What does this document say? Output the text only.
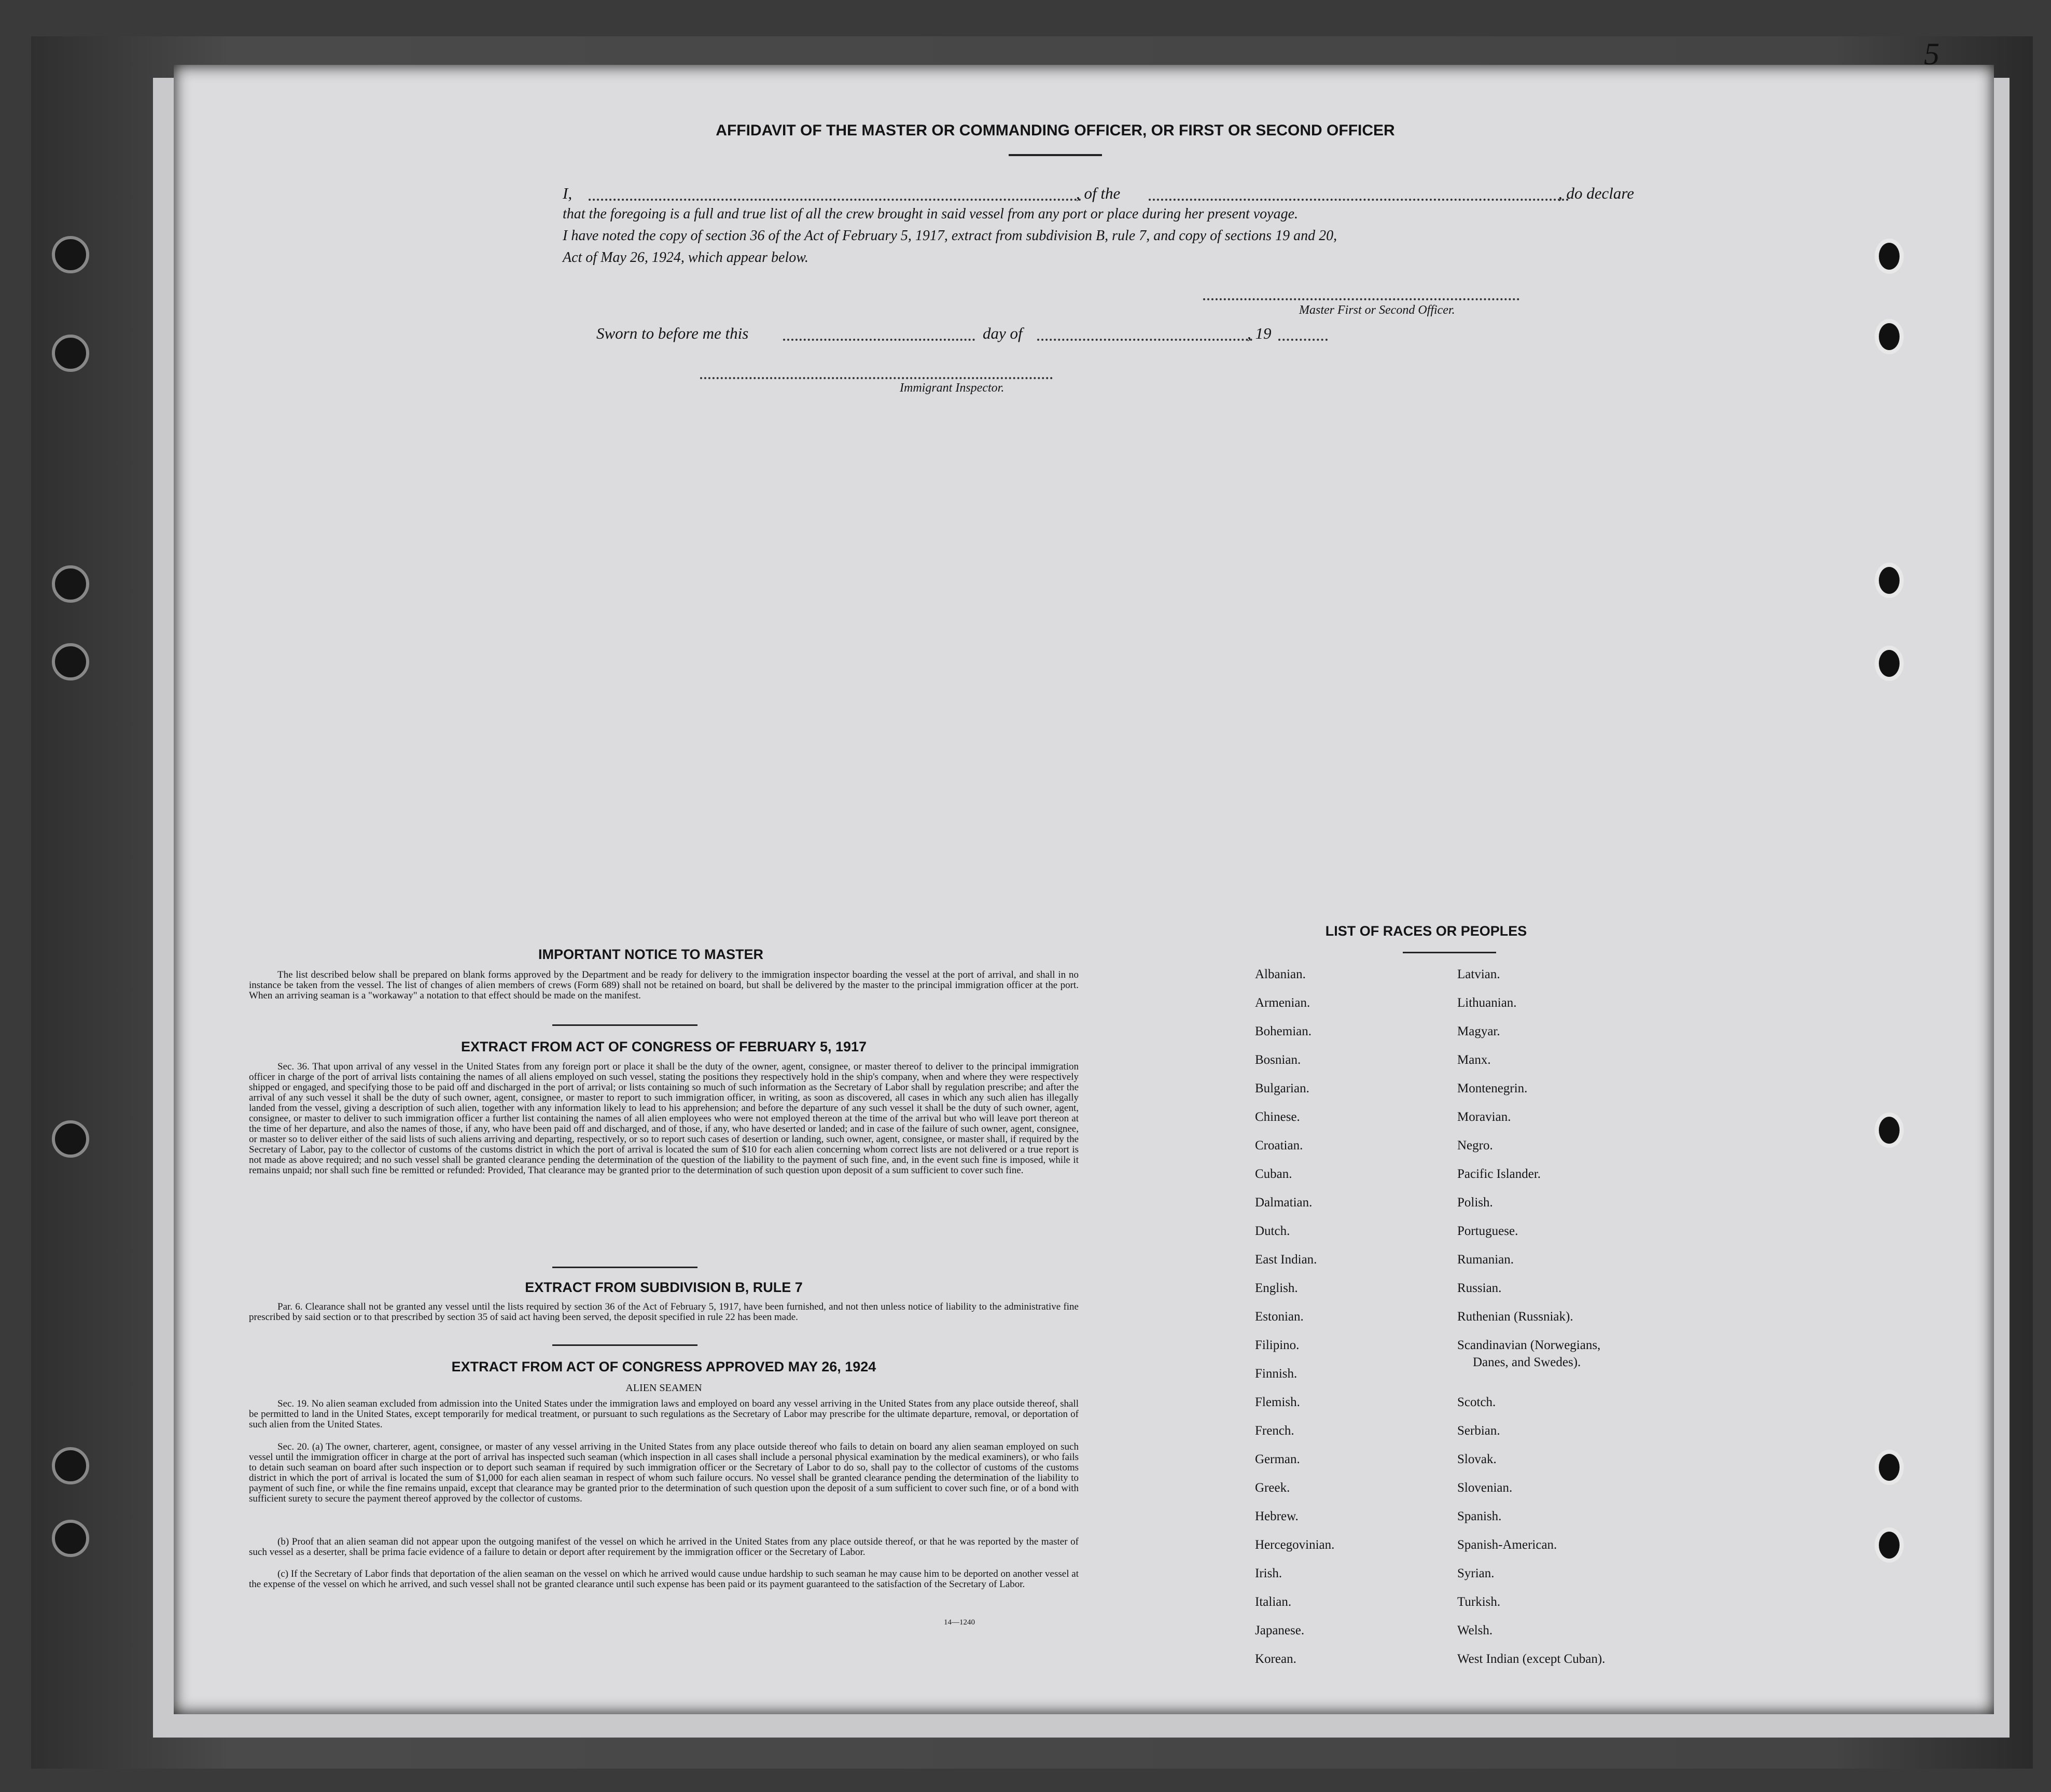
5
AFFIDAVIT OF THE MASTER OR COMMANDING OFFICER, OR FIRST OR SECOND OFFICER
I,	, of the	, do declare
that the foregoing is a full and true list of all the crew brought in said vessel from any port or place during her present voyage.
I have noted the copy of section 36 of the Act of February 5, 1917, extract from subdivision B, rule 7, and copy of sections 19 and 20,
Act of May 26, 1924, which appear below.
Master First or Second Officer.
Sworn to before me this	day of	, 19
Immigrant Inspector.
IMPORTANT NOTICE TO MASTER
The list described below shall be prepared on blank forms approved by the Department and be ready for delivery to the immigration inspector boarding the vessel at the port of arrival, and shall in no instance be taken from the vessel. The list of changes of alien members of crews (Form 689) shall not be retained on board, but shall be delivered by the master to the principal immigration officer at the port. When an arriving seaman is a "workaway" a notation to that effect should be made on the manifest.
EXTRACT FROM ACT OF CONGRESS OF FEBRUARY 5, 1917
Sec. 36. That upon arrival of any vessel in the United States from any foreign port or place it shall be the duty of the owner, agent, consignee, or master thereof to deliver to the principal immigration officer in charge of the port of arrival lists containing the names of all aliens employed on such vessel, stating the positions they respectively hold in the ship's company, when and where they were respectively shipped or engaged, and specifying those to be paid off and discharged in the port of arrival; or lists containing so much of such information as the Secretary of Labor shall by regulation prescribe; and after the arrival of any such vessel it shall be the duty of such owner, agent, consignee, or master to report to such immigration officer, in writing, as soon as discovered, all cases in which any such alien has illegally landed from the vessel, giving a description of such alien, together with any information likely to lead to his apprehension; and before the departure of any such vessel it shall be the duty of such owner, agent, consignee, or master to deliver to such immigration officer a further list containing the names of all alien employees who were not employed thereon at the time of the arrival but who will leave port thereon at the time of her departure, and also the names of those, if any, who have been paid off and discharged, and of those, if any, who have deserted or landed; and in case of the failure of such owner, agent, consignee, or master so to deliver either of the said lists of such aliens arriving and departing, respectively, or so to report such cases of desertion or landing, such owner, agent, consignee, or master shall, if required by the Secretary of Labor, pay to the collector of customs of the customs district in which the port of arrival is located the sum of $10 for each alien concerning whom correct lists are not delivered or a true report is not made as above required; and no such vessel shall be granted clearance pending the determination of the question of the liability to the payment of such fine, and, in the event such fine is imposed, while it remains unpaid; nor shall such fine be remitted or refunded: Provided, That clearance may be granted prior to the determination of such question upon deposit of a sum sufficient to cover such fine.
EXTRACT FROM SUBDIVISION B, RULE 7
Par. 6. Clearance shall not be granted any vessel until the lists required by section 36 of the Act of February 5, 1917, have been furnished, and not then unless notice of liability to the administrative fine prescribed by said section or to that prescribed by section 35 of said act having been served, the deposit specified in rule 22 has been made.
EXTRACT FROM ACT OF CONGRESS APPROVED MAY 26, 1924
ALIEN SEAMEN
Sec. 19. No alien seaman excluded from admission into the United States under the immigration laws and employed on board any vessel arriving in the United States from any place outside thereof, shall be permitted to land in the United States, except temporarily for medical treatment, or pursuant to such regulations as the Secretary of Labor may prescribe for the ultimate departure, removal, or deportation of such alien from the United States.
Sec. 20. (a) The owner, charterer, agent, consignee, or master of any vessel arriving in the United States from any place outside thereof who fails to detain on board any alien seaman employed on such vessel until the immigration officer in charge at the port of arrival has inspected such seaman (which inspection in all cases shall include a personal physical examination by the medical examiners), or who fails to detain such seaman on board after such inspection or to deport such seaman if required by such immigration officer or the Secretary of Labor to do so, shall pay to the collector of customs of the customs district in which the port of arrival is located the sum of $1,000 for each alien seaman in respect of whom such failure occurs. No vessel shall be granted clearance pending the determination of the liability to payment of such fine, or while the fine remains unpaid, except that clearance may be granted prior to the determination of such question upon the deposit of a sum sufficient to cover such fine, or of a bond with sufficient surety to secure the payment thereof approved by the collector of customs.
(b) Proof that an alien seaman did not appear upon the outgoing manifest of the vessel on which he arrived in the United States from any place outside thereof, or that he was reported by the master of such vessel as a deserter, shall be prima facie evidence of a failure to detain or deport after requirement by the immigration officer or the Secretary of Labor.
(c) If the Secretary of Labor finds that deportation of the alien seaman on the vessel on which he arrived would cause undue hardship to such seaman he may cause him to be deported on another vessel at the expense of the vessel on which he arrived, and such vessel shall not be granted clearance until such expense has been paid or its payment guaranteed to the satisfaction of the Secretary of Labor.
14—1240
LIST OF RACES OR PEOPLES
Albanian.
Armenian.
Bohemian.
Bosnian.
Bulgarian.
Chinese.
Croatian.
Cuban.
Dalmatian.
Dutch.
East Indian.
English.
Estonian.
Filipino.
Finnish.
Flemish.
French.
German.
Greek.
Hebrew.
Hercegovinian.
Irish.
Italian.
Japanese.
Korean.
Latvian.
Lithuanian.
Magyar.
Manx.
Montenegrin.
Moravian.
Negro.
Pacific Islander.
Polish.
Portuguese.
Rumanian.
Russian.
Ruthenian (Russniak).
Scandinavian (Norwegians,
Danes, and Swedes).
Scotch.
Serbian.
Slovak.
Slovenian.
Spanish.
Spanish-American.
Syrian.
Turkish.
Welsh.
West Indian (except Cuban).
